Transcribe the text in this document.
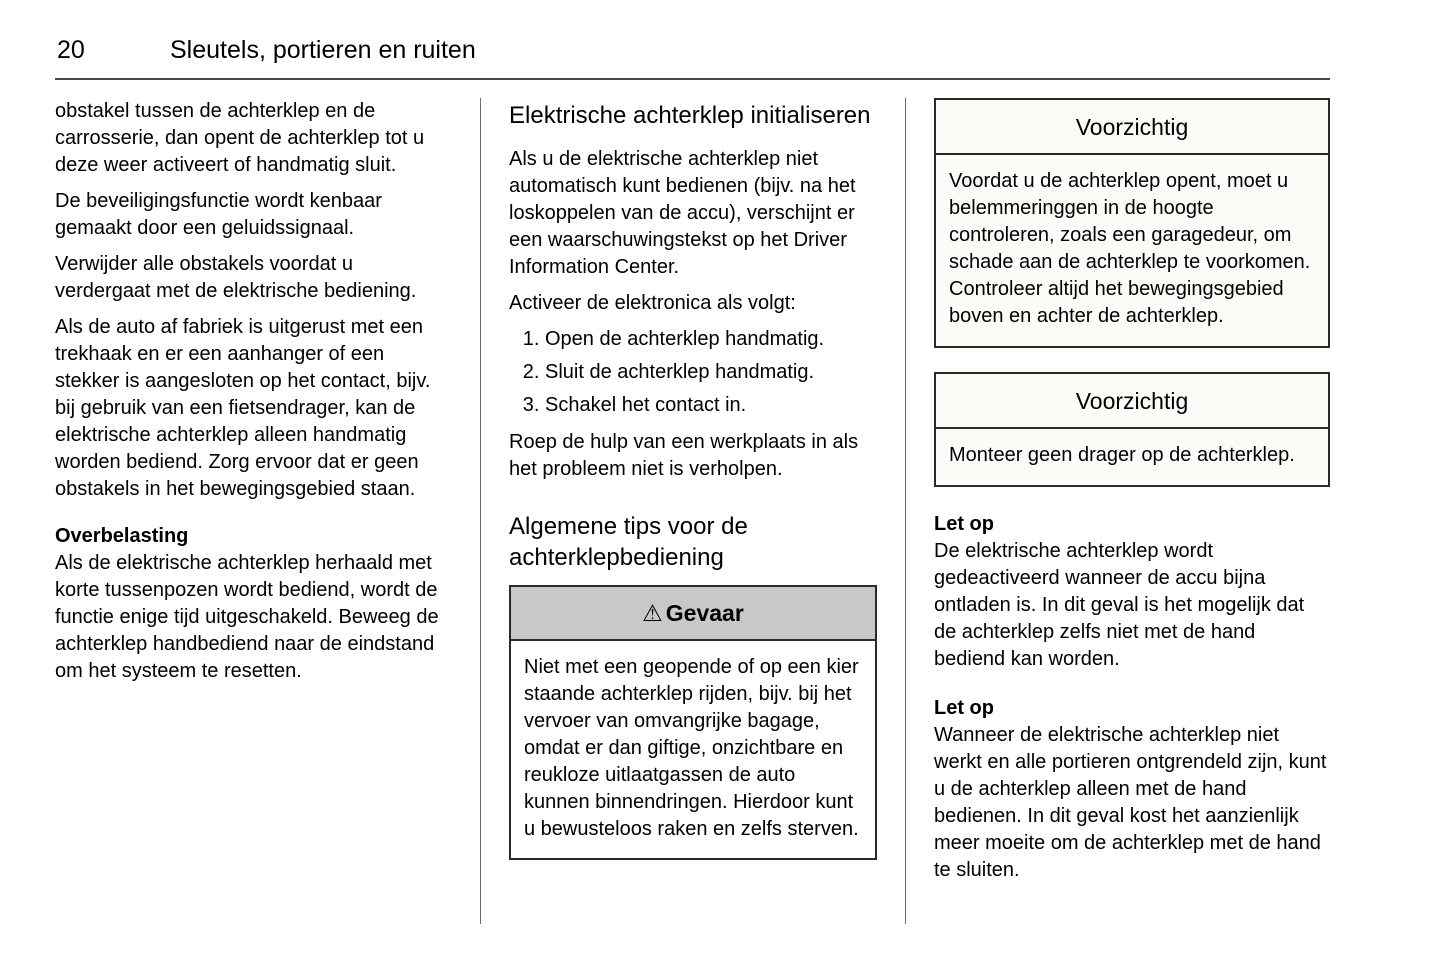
20	Sleutels, portieren en ruiten

obstakel tussen de achterklep en de carrosserie, dan opent de achterklep tot u deze weer activeert of handmatig sluit.

De beveiligingsfunctie wordt kenbaar gemaakt door een geluidssignaal.

Verwijder alle obstakels voordat u verdergaat met de elektrische bediening.

Als de auto af fabriek is uitgerust met een trekhaak en er een aanhanger of een stekker is aangesloten op het contact, bijv. bij gebruik van een fietsendrager, kan de elektrische achterklep alleen handmatig worden bediend. Zorg ervoor dat er geen obstakels in het bewegingsgebied staan.

Overbelasting

Als de elektrische achterklep herhaald met korte tussenpozen wordt bediend, wordt de functie enige tijd uitgeschakeld. Beweeg de achterklep handbediend naar de eindstand om het systeem te resetten.

Elektrische achterklep initialiseren

Als u de elektrische achterklep niet automatisch kunt bedienen (bijv. na het loskoppelen van de accu), verschijnt er een waarschuwingstekst op het Driver Information Center.

Activeer de elektronica als volgt:

1. Open de achterklep handmatig.
2. Sluit de achterklep handmatig.
3. Schakel het contact in.

Roep de hulp van een werkplaats in als het probleem niet is verholpen.

Algemene tips voor de achterklepbediening
⚠ Gevaar

Niet met een geopende of op een kier staande achterklep rijden, bijv. bij het vervoer van omvangrijke bagage, omdat er dan giftige, onzichtbare en reukloze uitlaatgassen de auto kunnen binnendringen. Hierdoor kunt u bewusteloos raken en zelfs sterven.

Voorzichtig

Voordat u de achterklep opent, moet u belemmeringgen in de hoogte controleren, zoals een garagedeur, om schade aan de achterklep te voorkomen. Controleer altijd het bewegingsgebied boven en achter de achterklep.

Voorzichtig

Monteer geen drager op de achterklep.

Let op

De elektrische achterklep wordt gedeactiveerd wanneer de accu bijna ontladen is. In dit geval is het mogelijk dat de achterklep zelfs niet met de hand bediend kan worden.

Let op

Wanneer de elektrische achterklep niet werkt en alle portieren ontgrendeld zijn, kunt u de achterklep alleen met de hand bedienen. In dit geval kost het aanzienlijk meer moeite om de achterklep met de hand te sluiten.
